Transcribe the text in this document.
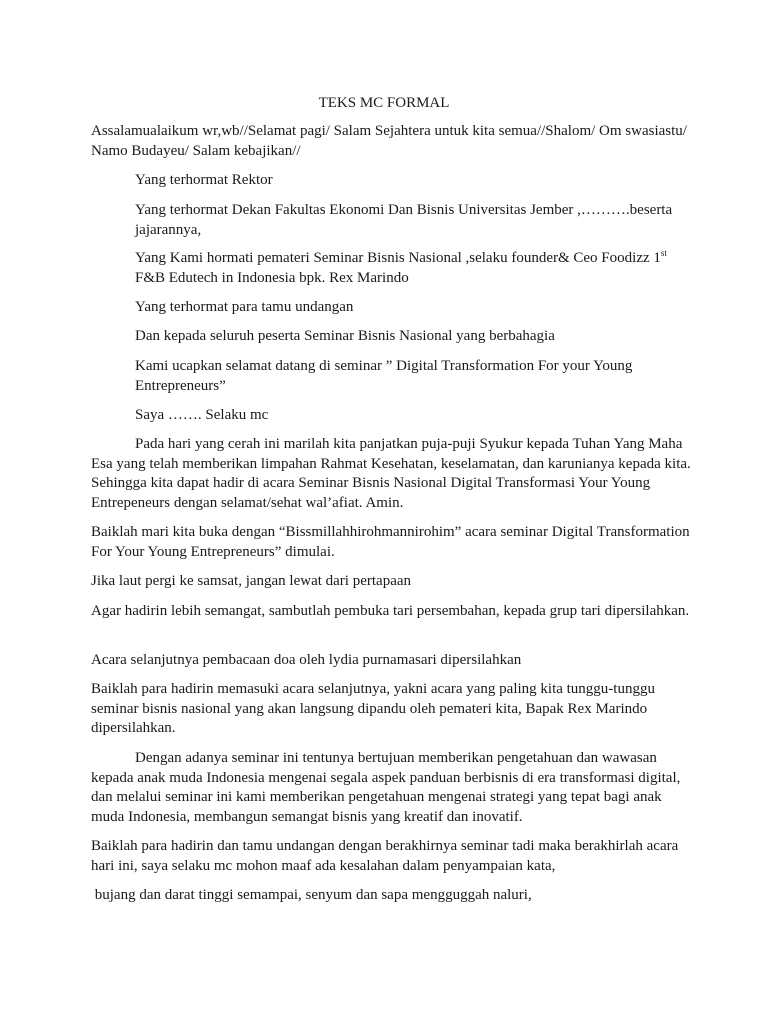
TEKS MC FORMAL

Assalamualaikum wr,wb//Selamat pagi/ Salam Sejahtera untuk kita semua//Shalom/ Om swasiastu/ Namo Budayeu/ Salam kebajikan//

Yang terhormat Rektor

Yang terhormat Dekan Fakultas Ekonomi Dan Bisnis Universitas Jember ,……….beserta jajarannya,

Yang Kami hormati pemateri Seminar Bisnis Nasional ,selaku founder& Ceo Foodizz 1st
F&B Edutech in Indonesia bpk. Rex Marindo

Yang terhormat para tamu undangan

Dan kepada seluruh peserta Seminar Bisnis Nasional yang berbahagia

Kami ucapkan selamat datang di seminar ” Digital Transformation For your Young Entrepreneurs”

Saya ……. Selaku mc

Pada hari yang cerah ini marilah kita panjatkan puja-puji Syukur kepada Tuhan Yang Maha Esa yang telah memberikan limpahan Rahmat Kesehatan, keselamatan, dan karunianya kepada kita. Sehingga kita dapat hadir di acara Seminar Bisnis Nasional Digital Transformasi Your Young Entrepeneurs dengan selamat/sehat wal’afiat. Amin.

Baiklah mari kita buka dengan “Bissmillahhirohmannirohim” acara seminar Digital Transformation For Your Young Entrepreneurs” dimulai.

Jika laut pergi ke samsat, jangan lewat dari pertapaan

Agar hadirin lebih semangat, sambutlah pembuka tari persembahan, kepada grup tari dipersilahkan.

Acara selanjutnya pembacaan doa oleh lydia purnamasari dipersilahkan

Baiklah para hadirin memasuki acara selanjutnya, yakni acara yang paling kita tunggu-tunggu seminar bisnis nasional yang akan langsung dipandu oleh pemateri kita, Bapak Rex Marindo dipersilahkan.

Dengan adanya seminar ini tentunya bertujuan memberikan pengetahuan dan wawasan kepada anak muda Indonesia mengenai segala aspek panduan berbisnis di era transformasi digital, dan melalui seminar ini kami memberikan pengetahuan mengenai strategi yang tepat bagi anak muda Indonesia, membangun semangat bisnis yang kreatif dan inovatif.

Baiklah para hadirin dan tamu undangan dengan berakhirnya seminar tadi maka berakhirlah acara hari ini, saya selaku mc mohon maaf ada kesalahan dalam penyampaian kata,

bujang dan darat tinggi semampai, senyum dan sapa mengguggah naluri,
